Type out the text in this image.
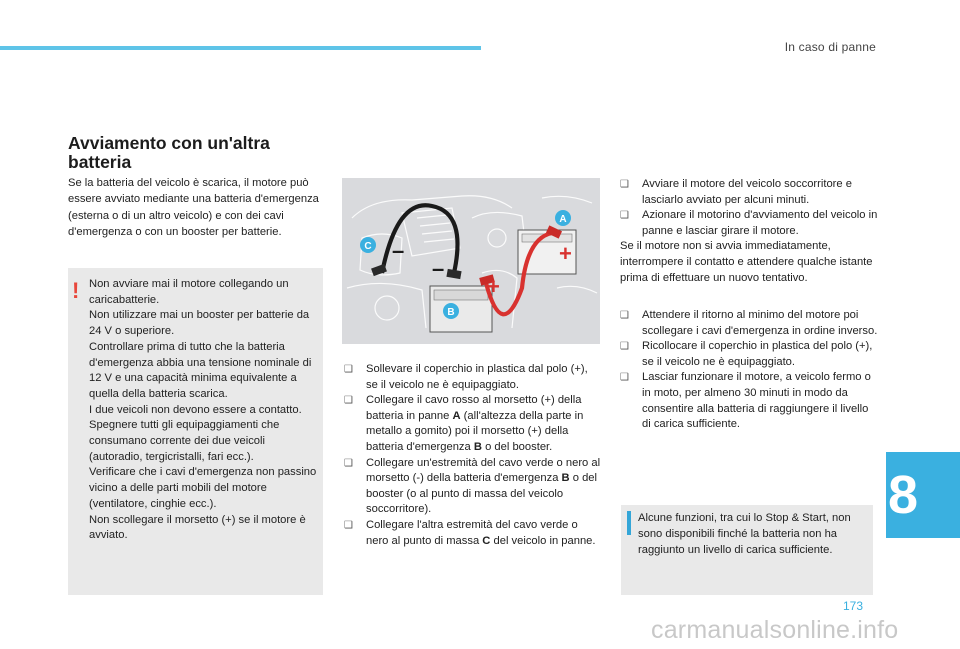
In caso di panne
Avviamento con un'altra batteria
Se la batteria del veicolo è scarica, il motore può essere avviato mediante una batteria d'emergenza (esterna o di un altro veicolo) e con dei cavi d'emergenza o con un booster per batterie.
! Non avviare mai il motore collegando un caricabatterie.

Non utilizzare mai un booster per batterie da 24 V o superiore.

Controllare prima di tutto che la batteria d'emergenza abbia una tensione nominale di 12 V e una capacità minima equivalente a quella della batteria scarica.

I due veicoli non devono essere a contatto.

Spegnere tutti gli equipaggiamenti che consumano corrente dei due veicoli (autoradio, tergicristalli, fari ecc.).

Verificare che i cavi d'emergenza non passino vicino a delle parti mobili del motore (ventilatore, cinghie ecc.).

Non scollegare il morsetto (+) se il motore è avviato.

–
–
+
+
A
B
C

❑ Sollevare il coperchio in plastica dal polo (+), se il veicolo ne è equipaggiato.

❑ Collegare il cavo rosso al morsetto (+) della batteria in panne A (all'altezza della parte in metallo a gomito) poi il morsetto (+) della batteria d'emergenza B o del booster.

❑ Collegare un'estremità del cavo verde o nero al morsetto (-) della batteria d'emergenza B o del booster (o al punto di massa del veicolo soccorritore).

❑ Collegare l'altra estremità del cavo verde o nero al punto di massa C del veicolo in panne.

❑ Avviare il motore del veicolo soccorritore e lasciarlo avviato per alcuni minuti.

❑ Azionare il motorino d'avviamento del veicolo in panne e lasciar girare il motore.

Se il motore non si avvia immediatamente, interrompere il contatto e attendere qualche istante prima di effettuare un nuovo tentativo.

❑ Attendere il ritorno al minimo del motore poi scollegare i cavi d'emergenza in ordine inverso.

❑ Ricollocare il coperchio in plastica del polo (+), se il veicolo ne è equipaggiato.

❑ Lasciar funzionare il motore, a veicolo fermo o in moto, per almeno 30 minuti in modo da consentire alla batteria di raggiungere il livello di carica sufficiente.

Alcune funzioni, tra cui lo Stop & Start, non sono disponibili finché la batteria non ha raggiunto un livello di carica sufficiente.
8
173
carmanualsonline.info
